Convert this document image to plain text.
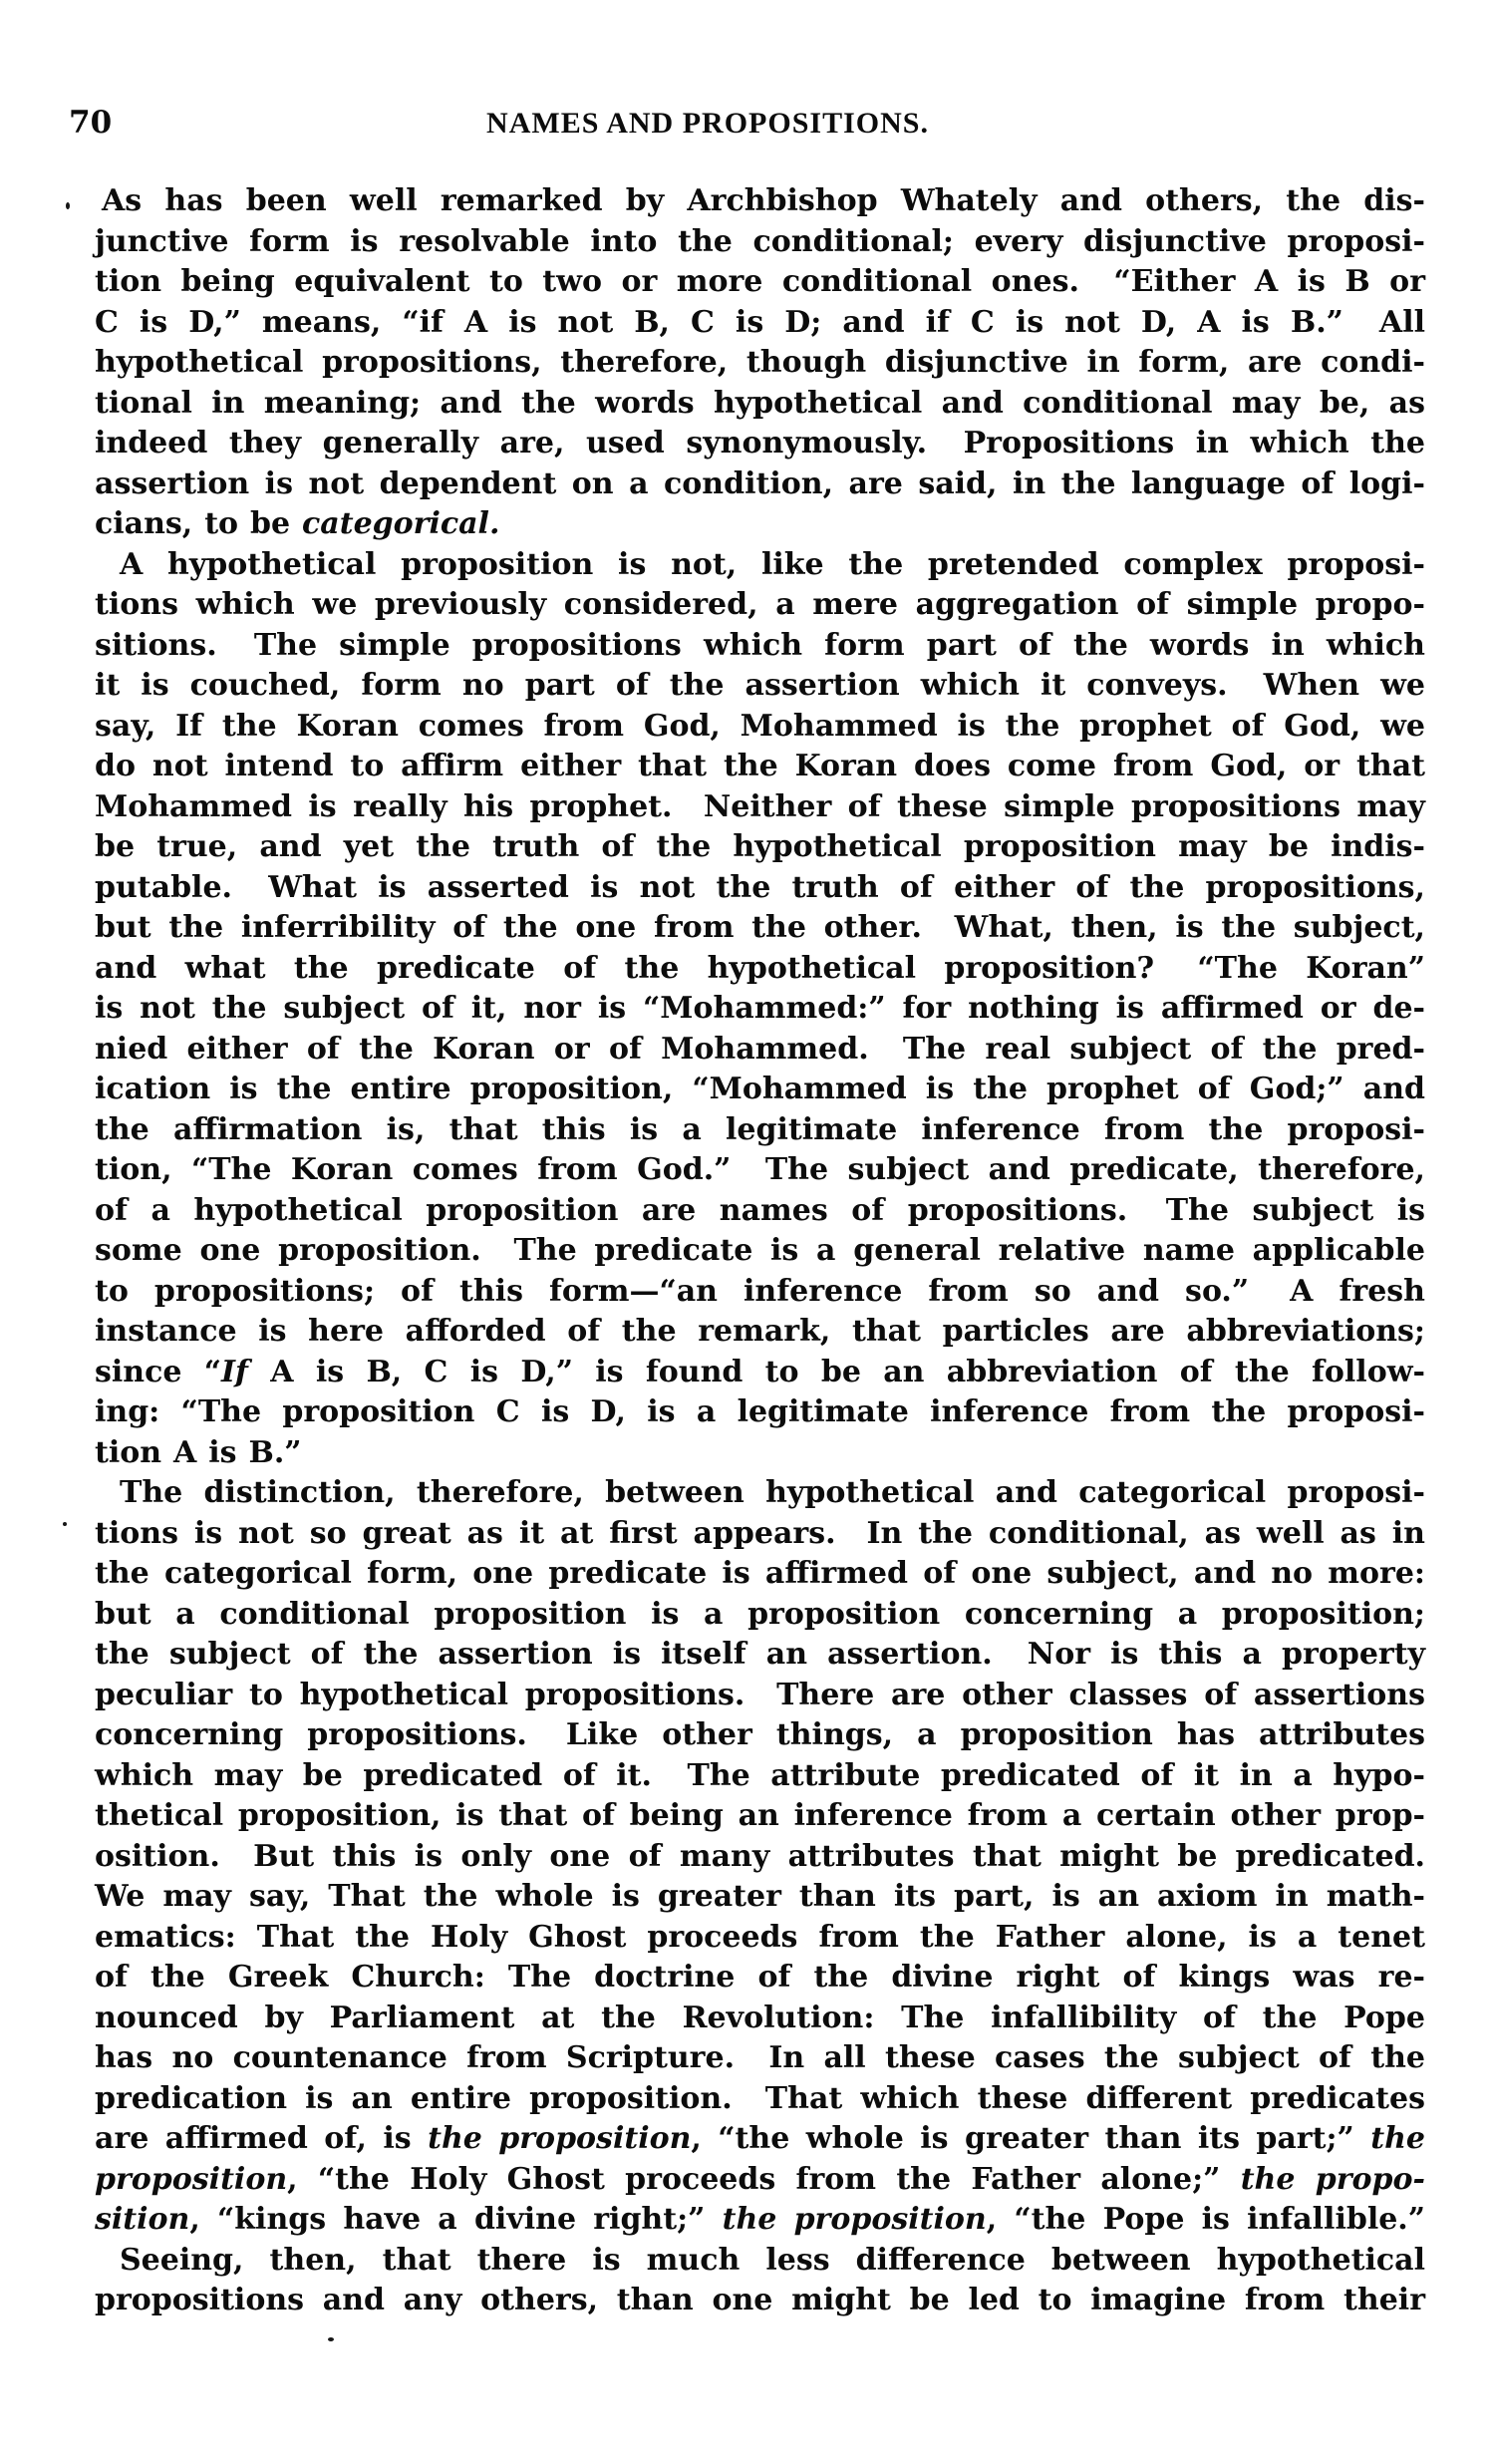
70	NAMES AND PROPOSITIONS.
As has been well remarked by Archbishop Whately and others, the dis-
junctive form is resolvable into the conditional; every disjunctive proposi-
tion being equivalent to two or more conditional ones.  “Either A is B or
C is D,” means, “if A is not B, C is D; and if C is not D, A is B.”  All
hypothetical propositions, therefore, though disjunctive in form, are condi-
tional in meaning; and the words hypothetical and conditional may be, as
indeed they generally are, used synonymously.  Propositions in which the
assertion is not dependent on a condition, are said, in the language of logi-
cians, to be categorical.
A hypothetical proposition is not, like the pretended complex proposi-
tions which we previously considered, a mere aggregation of simple propo-
sitions.  The simple propositions which form part of the words in which
it is couched, form no part of the assertion which it conveys.  When we
say, If the Koran comes from God, Mohammed is the prophet of God, we
do not intend to affirm either that the Koran does come from God, or that
Mohammed is really his prophet.  Neither of these simple propositions may
be true, and yet the truth of the hypothetical proposition may be indis-
putable.  What is asserted is not the truth of either of the propositions,
but the inferribility of the one from the other.  What, then, is the subject,
and what the predicate of the hypothetical proposition?  “The Koran”
is not the subject of it, nor is “Mohammed:” for nothing is affirmed or de-
nied either of the Koran or of Mohammed.  The real subject of the pred-
ication is the entire proposition, “Mohammed is the prophet of God;” and
the affirmation is, that this is a legitimate inference from the proposi-
tion, “The Koran comes from God.”  The subject and predicate, therefore,
of a hypothetical proposition are names of propositions.  The subject is
some one proposition.  The predicate is a general relative name applicable
to propositions; of this form—“an inference from so and so.”  A fresh
instance is here afforded of the remark, that particles are abbreviations;
since “If A is B, C is D,” is found to be an abbreviation of the follow-
ing: “The proposition C is D, is a legitimate inference from the proposi-
tion A is B.”
The distinction, therefore, between hypothetical and categorical proposi-
tions is not so great as it at first appears.  In the conditional, as well as in
the categorical form, one predicate is affirmed of one subject, and no more:
but a conditional proposition is a proposition concerning a proposition;
the subject of the assertion is itself an assertion.  Nor is this a property
peculiar to hypothetical propositions.  There are other classes of assertions
concerning propositions.  Like other things, a proposition has attributes
which may be predicated of it.  The attribute predicated of it in a hypo-
thetical proposition, is that of being an inference from a certain other prop-
osition.  But this is only one of many attributes that might be predicated.
We may say, That the whole is greater than its part, is an axiom in math-
ematics: That the Holy Ghost proceeds from the Father alone, is a tenet
of the Greek Church: The doctrine of the divine right of kings was re-
nounced by Parliament at the Revolution: The infallibility of the Pope
has no countenance from Scripture.  In all these cases the subject of the
predication is an entire proposition.  That which these different predicates
are affirmed of, is the proposition, “the whole is greater than its part;” the
proposition, “the Holy Ghost proceeds from the Father alone;” the propo-
sition, “kings have a divine right;” the proposition, “the Pope is infallible.”
Seeing, then, that there is much less difference between hypothetical
propositions and any others, than one might be led to imagine from their
